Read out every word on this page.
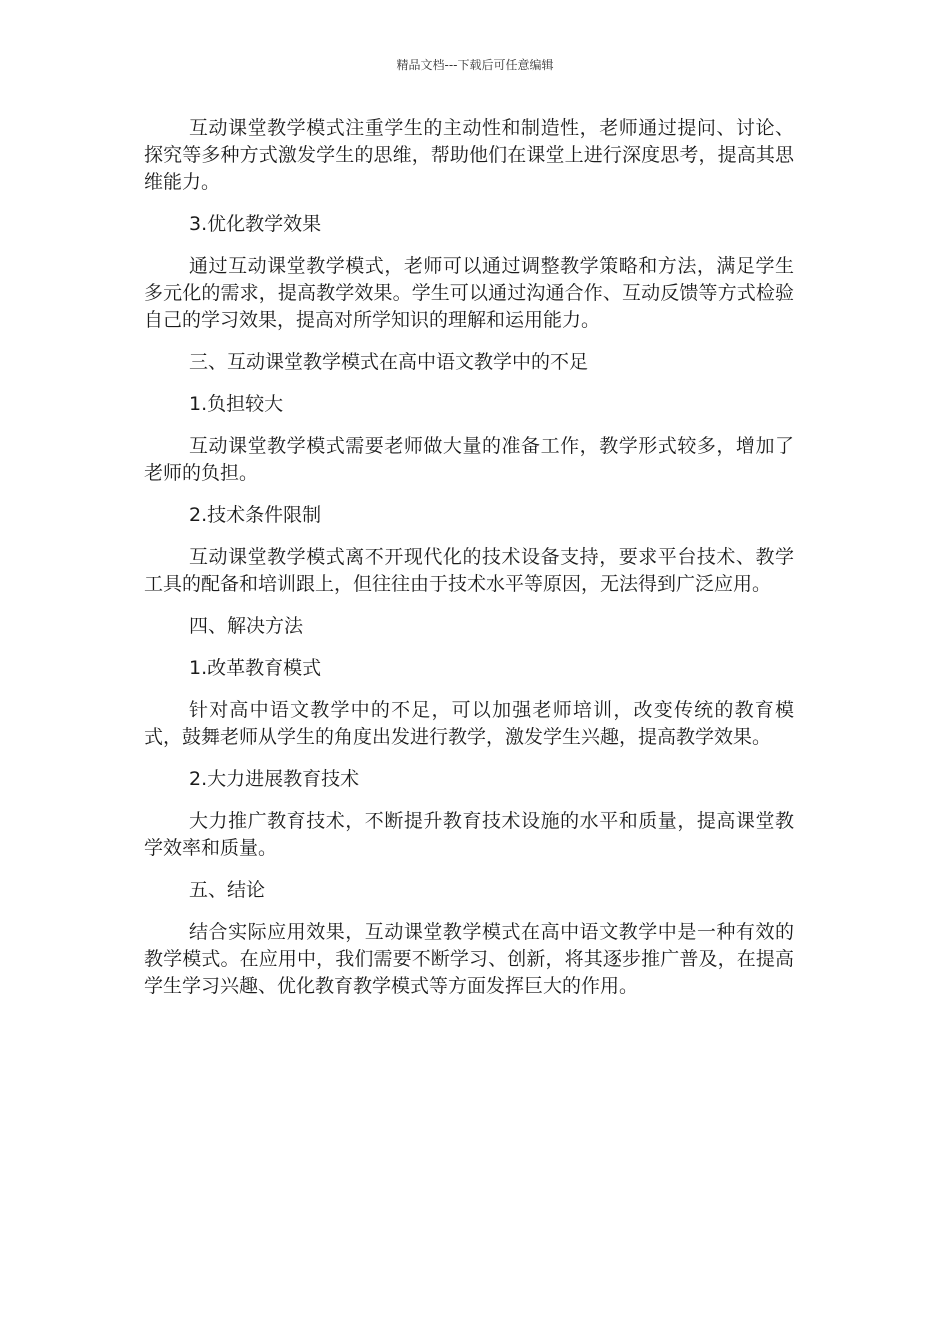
精品文档---下载后可任意编辑

互动课堂教学模式注重学生的主动性和制造性，老师通过提问、讨论、探究等多种方式激发学生的思维，帮助他们在课堂上进行深度思考，提高其思维能力。

3.优化教学效果

通过互动课堂教学模式，老师可以通过调整教学策略和方法，满足学生多元化的需求，提高教学效果。学生可以通过沟通合作、互动反馈等方式检验自己的学习效果，提高对所学知识的理解和运用能力。

三、互动课堂教学模式在高中语文教学中的不足

1.负担较大

互动课堂教学模式需要老师做大量的准备工作，教学形式较多，增加了老师的负担。

2.技术条件限制

互动课堂教学模式离不开现代化的技术设备支持，要求平台技术、教学工具的配备和培训跟上，但往往由于技术水平等原因，无法得到广泛应用。

四、解决方法

1.改革教育模式

针对高中语文教学中的不足，可以加强老师培训，改变传统的教育模式，鼓舞老师从学生的角度出发进行教学，激发学生兴趣，提高教学效果。

2.大力进展教育技术

大力推广教育技术，不断提升教育技术设施的水平和质量，提高课堂教学效率和质量。

五、结论

结合实际应用效果，互动课堂教学模式在高中语文教学中是一种有效的教学模式。在应用中，我们需要不断学习、创新，将其逐步推广普及，在提高学生学习兴趣、优化教育教学模式等方面发挥巨大的作用。
